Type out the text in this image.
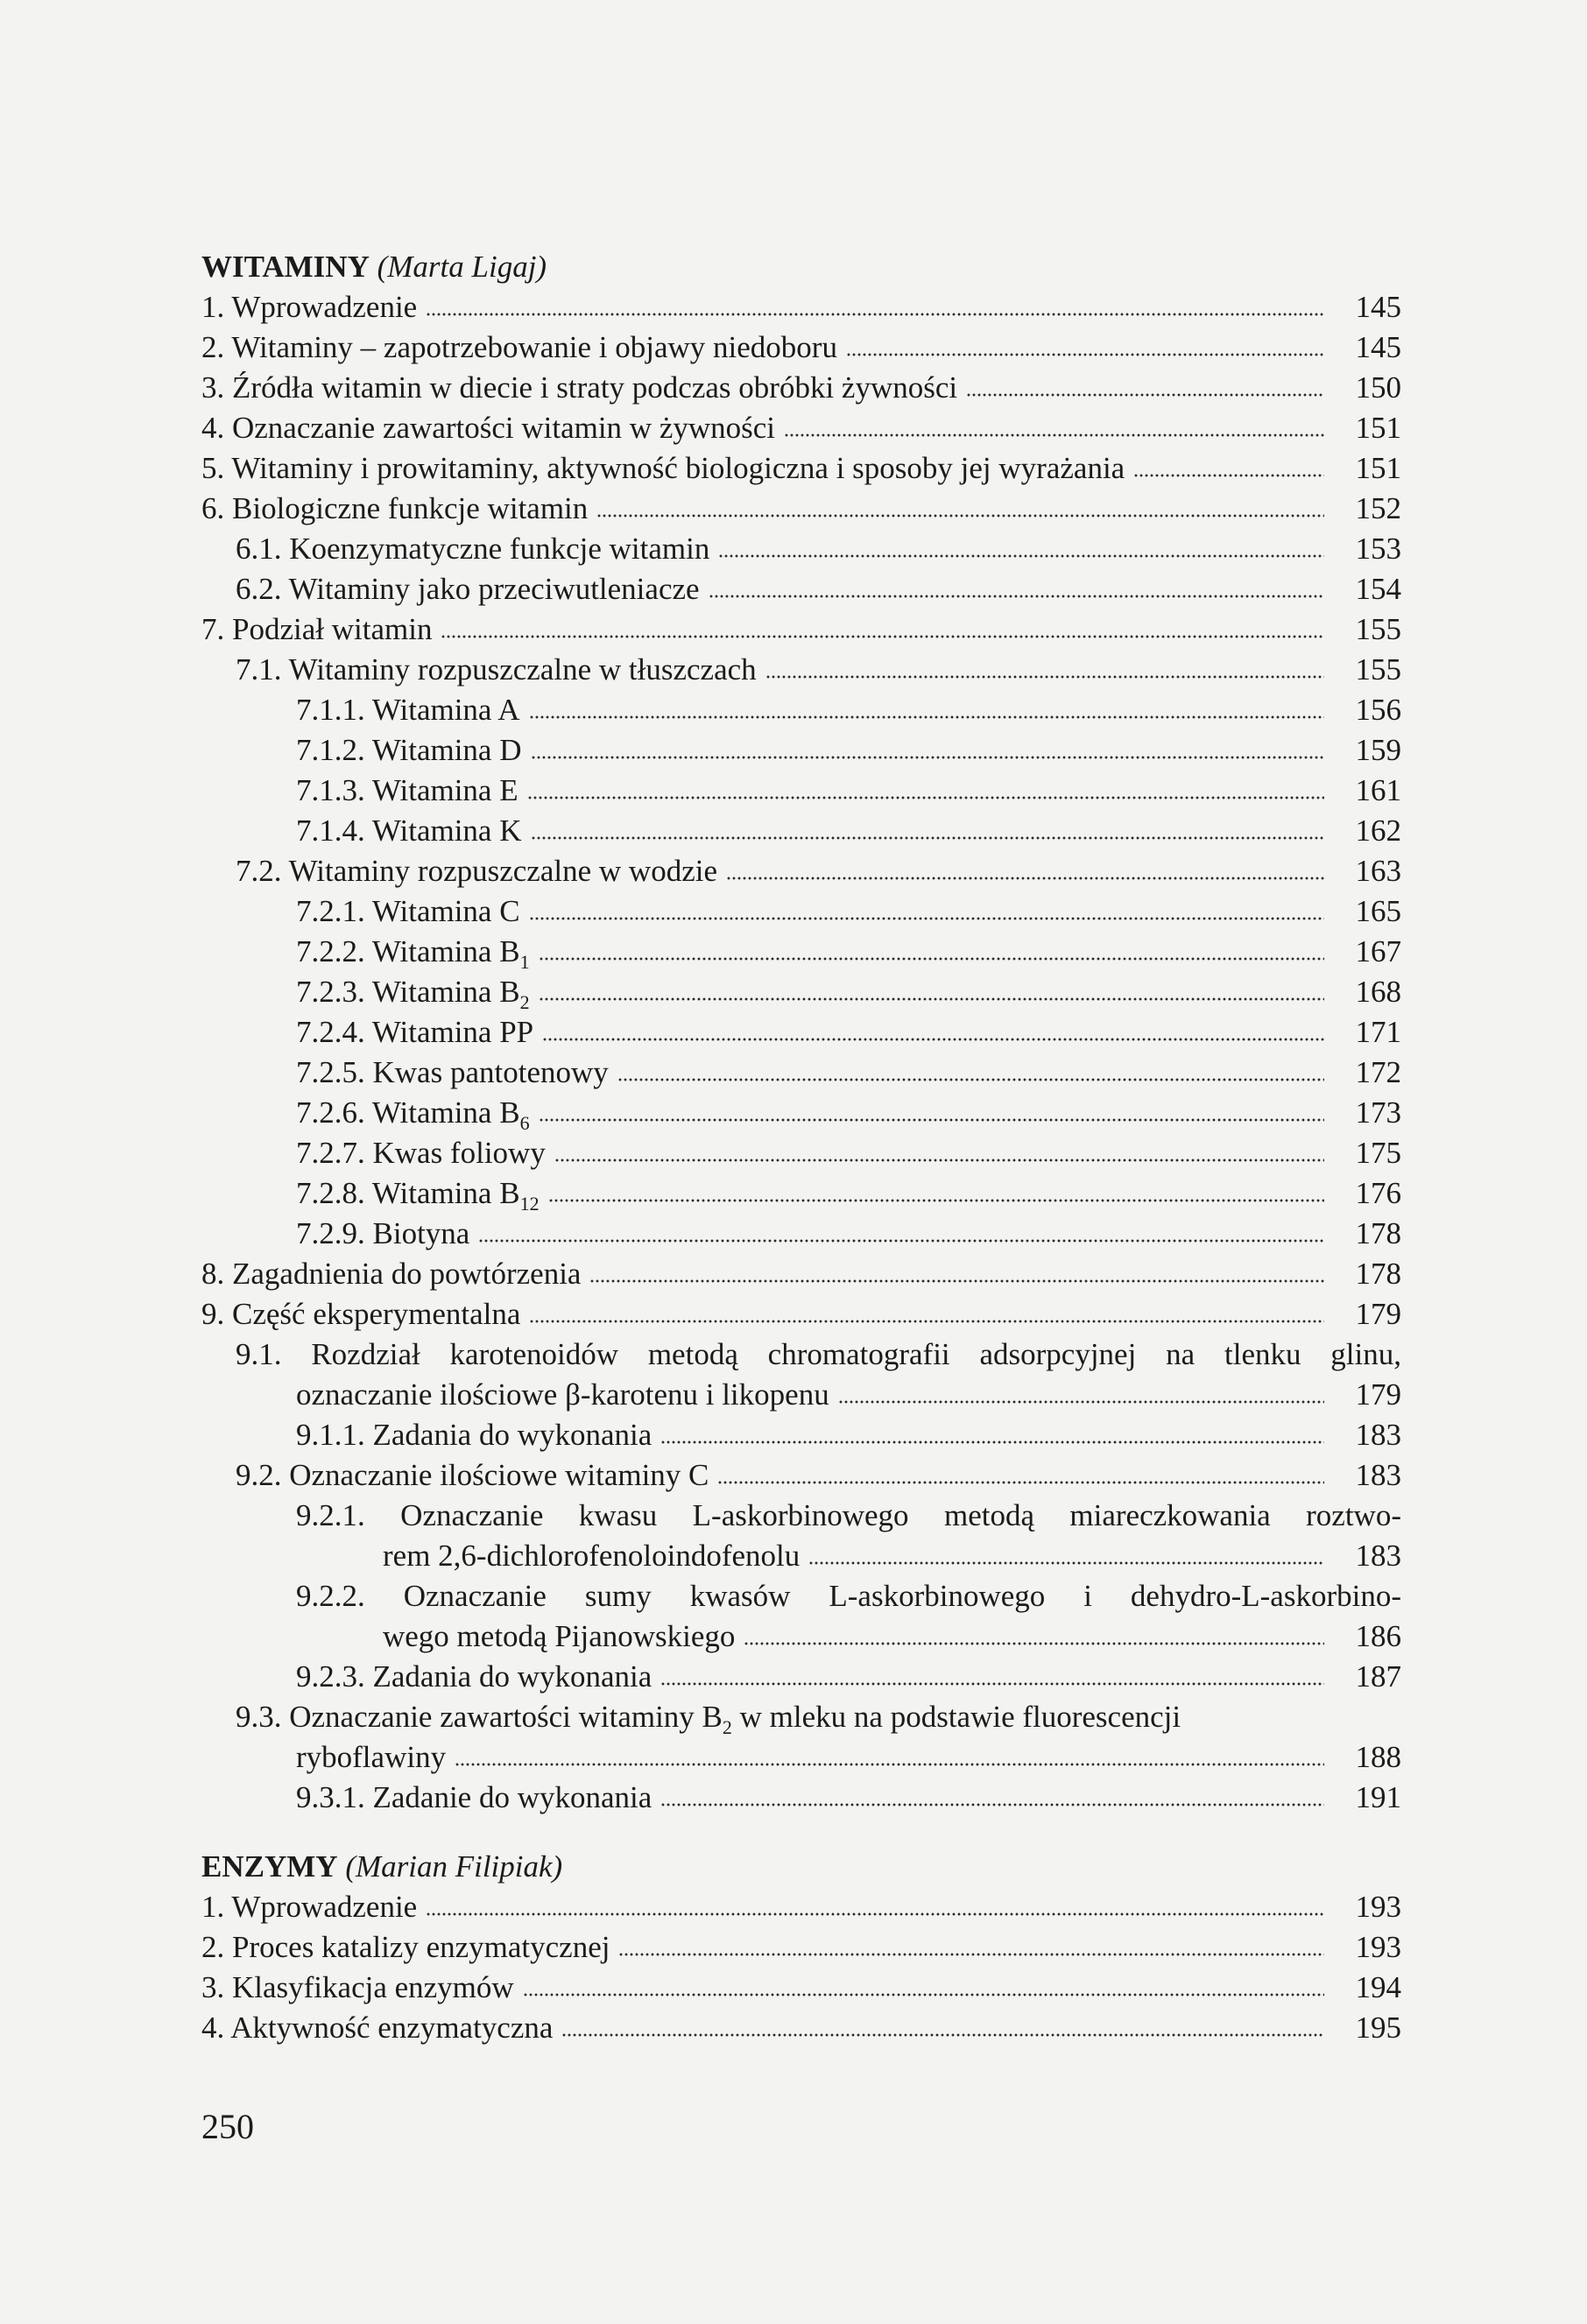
WITAMINY
(Marta Ligaj)
1. Wprowadzenie	145
2. Witaminy – zapotrzebowanie i objawy niedoboru	145
3. Źródła witamin w diecie i straty podczas obróbki żywności	150
4. Oznaczanie zawartości witamin w żywności	151
5. Witaminy i prowitaminy, aktywność biologiczna i sposoby jej wyrażania	151
6. Biologiczne funkcje witamin	152
6.1. Koenzymatyczne funkcje witamin	153
6.2. Witaminy jako przeciwutleniacze	154
7. Podział witamin	155
7.1. Witaminy rozpuszczalne w tłuszczach	155
7.1.1. Witamina A	156
7.1.2. Witamina D	159
7.1.3. Witamina E	161
7.1.4. Witamina K	162
7.2. Witaminy rozpuszczalne w wodzie	163
7.2.1. Witamina C	165
7.2.2. Witamina $B_1$	167
7.2.3. Witamina $B_2$	168
7.2.4. Witamina PP	171
7.2.5. Kwas pantotenowy	172
7.2.6. Witamina $B_6$	173
7.2.7. Kwas foliowy	175
7.2.8. Witamina $B_{12}$	176
7.2.9. Biotyna	178
8. Zagadnienia do powtórzenia	178
9. Część eksperymentalna	179
9.1. Rozdział karotenoidów metodą chromatografii adsorpcyjnej na tlenku glinu,
oznaczanie ilościowe β-karotenu i likopenu	179
9.1.1. Zadania do wykonania	183
9.2. Oznaczanie ilościowe witaminy C	183
9.2.1. Oznaczanie kwasu L-askorbinowego metodą miareczkowania roztwo-
rem 2,6-dichlorofenoloindofenolu	183
9.2.2. Oznaczanie sumy kwasów L-askorbinowego i dehydro-L-askorbino-
wego metodą Pijanowskiego	186
9.2.3. Zadania do wykonania	187
9.3. Oznaczanie zawartości witaminy $B_2$ w mleku na podstawie fluorescencji
ryboflawiny	188
9.3.1. Zadanie do wykonania	191
ENZYMY
(Marian Filipiak)
1. Wprowadzenie	193
2. Proces katalizy enzymatycznej	193
3. Klasyfikacja enzymów	194
4. Aktywność enzymatyczna	195
250
